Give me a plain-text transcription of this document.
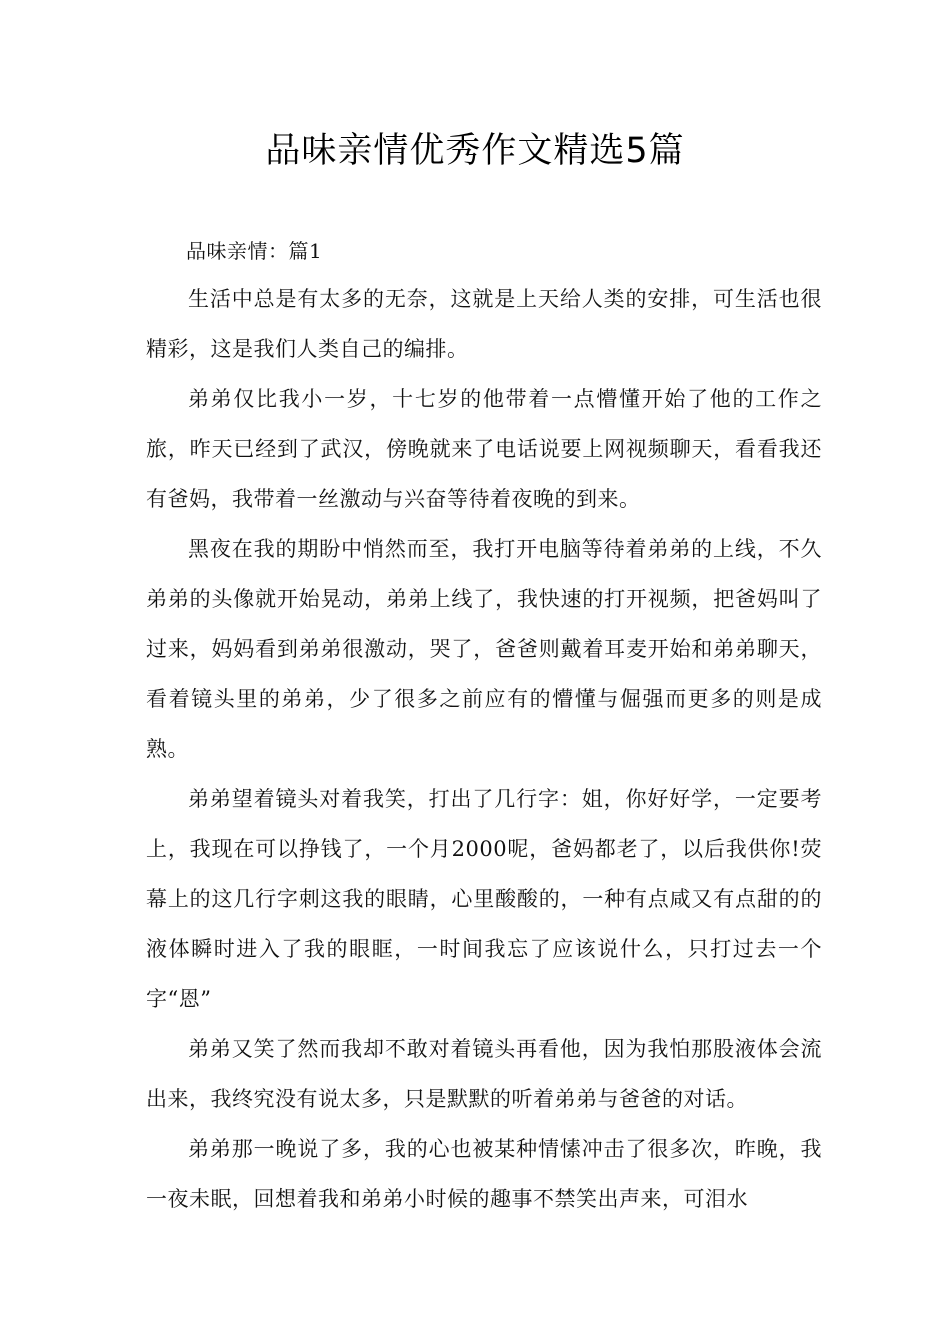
品味亲情优秀作文精选5篇

品味亲情：篇1

生活中总是有太多的无奈，这就是上天给人类的安排，可生活也很精彩，这是我们人类自己的编排。

弟弟仅比我小一岁，十七岁的他带着一点懵懂开始了他的工作之旅，昨天已经到了武汉，傍晚就来了电话说要上网视频聊天，看看我还有爸妈，我带着一丝激动与兴奋等待着夜晚的到来。

黑夜在我的期盼中悄然而至，我打开电脑等待着弟弟的上线，不久弟弟的头像就开始晃动，弟弟上线了，我快速的打开视频，把爸妈叫了过来，妈妈看到弟弟很激动，哭了，爸爸则戴着耳麦开始和弟弟聊天，看着镜头里的弟弟，少了很多之前应有的懵懂与倔强而更多的则是成熟。

弟弟望着镜头对着我笑，打出了几行字：姐，你好好学，一定要考上，我现在可以挣钱了，一个月2000呢，爸妈都老了，以后我供你!荧幕上的这几行字刺这我的眼睛，心里酸酸的，一种有点咸又有点甜的的液体瞬时进入了我的眼眶，一时间我忘了应该说什么，只打过去一个字“恩”

弟弟又笑了然而我却不敢对着镜头再看他，因为我怕那股液体会流出来，我终究没有说太多，只是默默的听着弟弟与爸爸的对话。

弟弟那一晚说了多，我的心也被某种情愫冲击了很多次，昨晚，我一夜未眠，回想着我和弟弟小时候的趣事不禁笑出声来，可泪水
